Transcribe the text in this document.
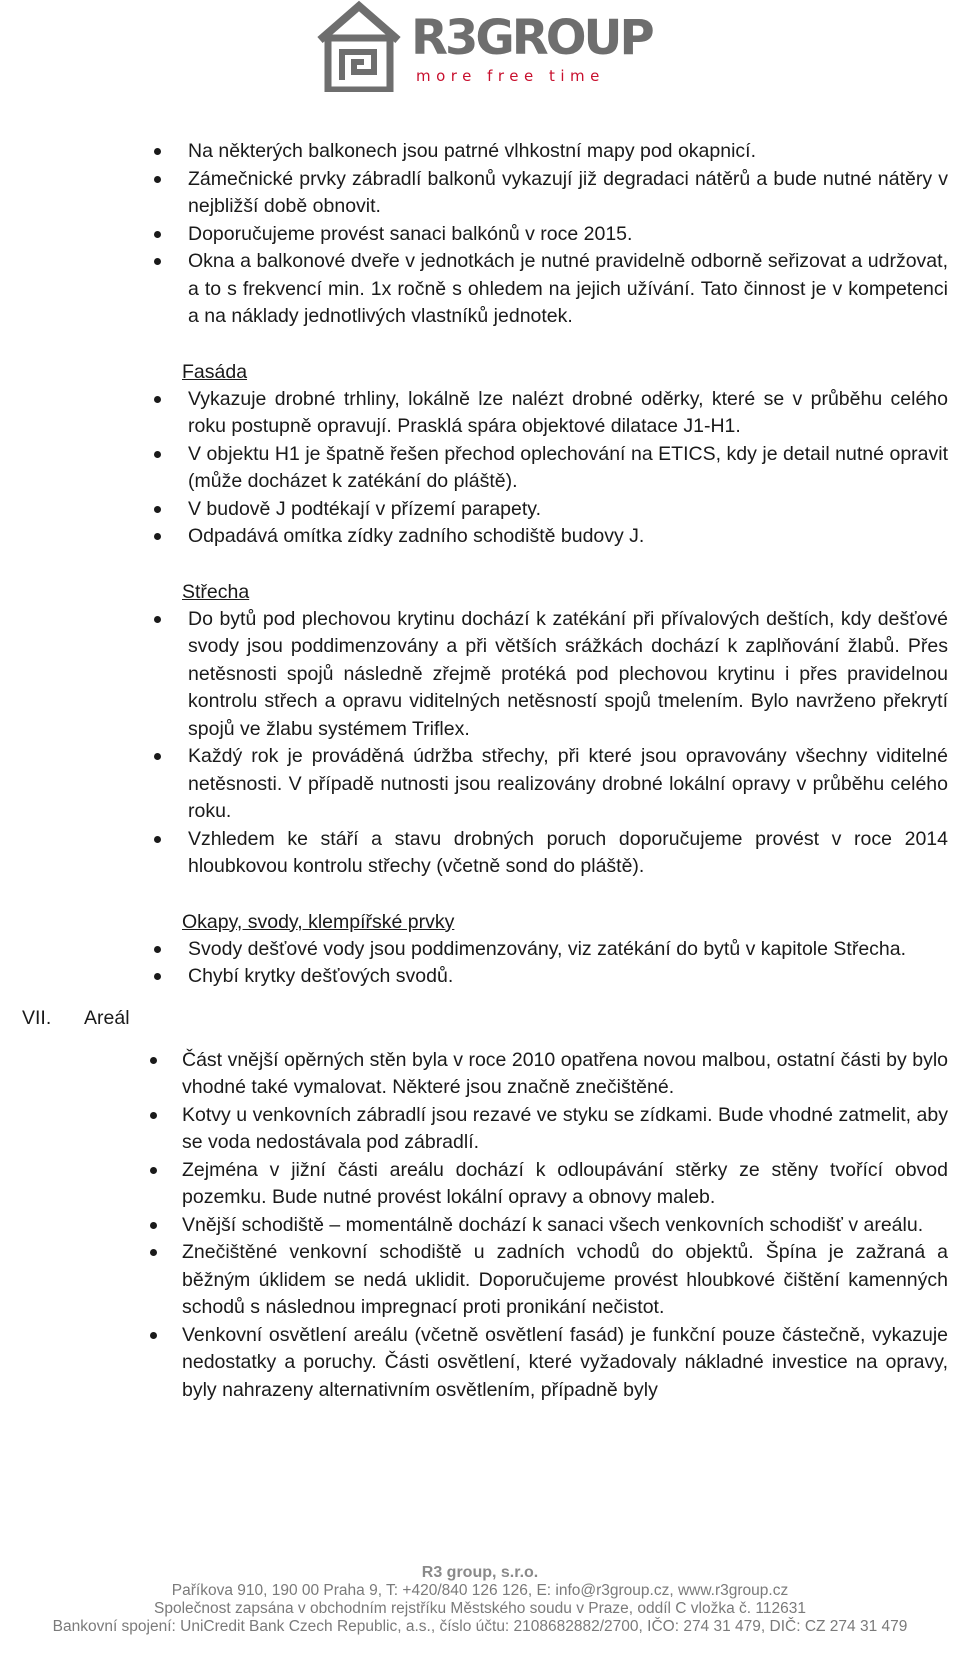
R3GROUP
more free time
Na některých balkonech jsou patrné vlhkostní mapy pod okapnicí.
Zámečnické prvky zábradlí balkonů vykazují již degradaci nátěrů a bude nutné nátěry v nejbližší době obnovit.
Doporučujeme provést sanaci balkónů v roce 2015.
Okna a balkonové dveře v jednotkách je nutné pravidelně odborně seřizovat a udržovat, a to s frekvencí min. 1x ročně s ohledem na jejich užívání. Tato činnost je v kompetenci a na náklady jednotlivých vlastníků jednotek.
Fasáda
Vykazuje drobné trhliny, lokálně lze nalézt drobné oděrky, které se v průběhu celého roku postupně opravují. Prasklá spára objektové dilatace J1-H1.
V objektu H1 je špatně řešen přechod oplechování na ETICS, kdy je detail nutné opravit (může docházet k zatékání do pláště).
V budově J podtékají v přízemí parapety.
Odpadává omítka zídky zadního schodiště budovy J.
Střecha
Do bytů pod plechovou krytinu dochází k zatékání při přívalových deštích, kdy dešťové svody jsou poddimenzovány a při větších srážkách dochází k zaplňování žlabů. Přes netěsnosti spojů následně zřejmě protéká pod plechovou krytinu i přes pravidelnou kontrolu střech a opravu viditelných netěsností spojů tmelením. Bylo navrženo překrytí spojů ve žlabu systémem Triflex.
Každý rok je prováděná údržba střechy, při které jsou opravovány všechny viditelné netěsnosti. V případě nutnosti jsou realizovány drobné lokální opravy v průběhu celého roku.
Vzhledem ke stáří a stavu drobných poruch doporučujeme provést v roce 2014 hloubkovou kontrolu střechy (včetně sond do pláště).
Okapy, svody, klempířské prvky
Svody dešťové vody jsou poddimenzovány, viz zatékání do bytů v kapitole Střecha.
Chybí krytky dešťových svodů.
VII. Areál
Část vnější opěrných stěn byla v roce 2010 opatřena novou malbou, ostatní části by bylo vhodné také vymalovat. Některé jsou značně znečištěné.
Kotvy u venkovních zábradlí jsou rezavé ve styku se zídkami. Bude vhodné zatmelit, aby se voda nedostávala pod zábradlí.
Zejména v jižní části areálu dochází k odloupávání stěrky ze stěny tvořící obvod pozemku. Bude nutné provést lokální opravy a obnovy maleb.
Vnější schodiště – momentálně dochází k sanaci všech venkovních schodišť v areálu.
Znečištěné venkovní schodiště u zadních vchodů do objektů. Špína je zažraná a běžným úklidem se nedá uklidit. Doporučujeme provést hloubkové čištění kamenných schodů s následnou impregnací proti pronikání nečistot.
Venkovní osvětlení areálu (včetně osvětlení fasád) je funkční pouze částečně, vykazuje nedostatky a poruchy. Části osvětlení, které vyžadovaly nákladné investice na opravy, byly nahrazeny alternativním osvětlením, případně byly
R3 group, s.r.o.
Paříkova 910, 190 00 Praha 9, T: +420/840 126 126, E: info@r3group.cz, www.r3group.cz
Společnost zapsána v obchodním rejstříku Městského soudu v Praze, oddíl C vložka č. 112631
Bankovní spojení: UniCredit Bank Czech Republic, a.s., číslo účtu: 2108682882/2700, IČO: 274 31 479, DIČ: CZ 274 31 479
